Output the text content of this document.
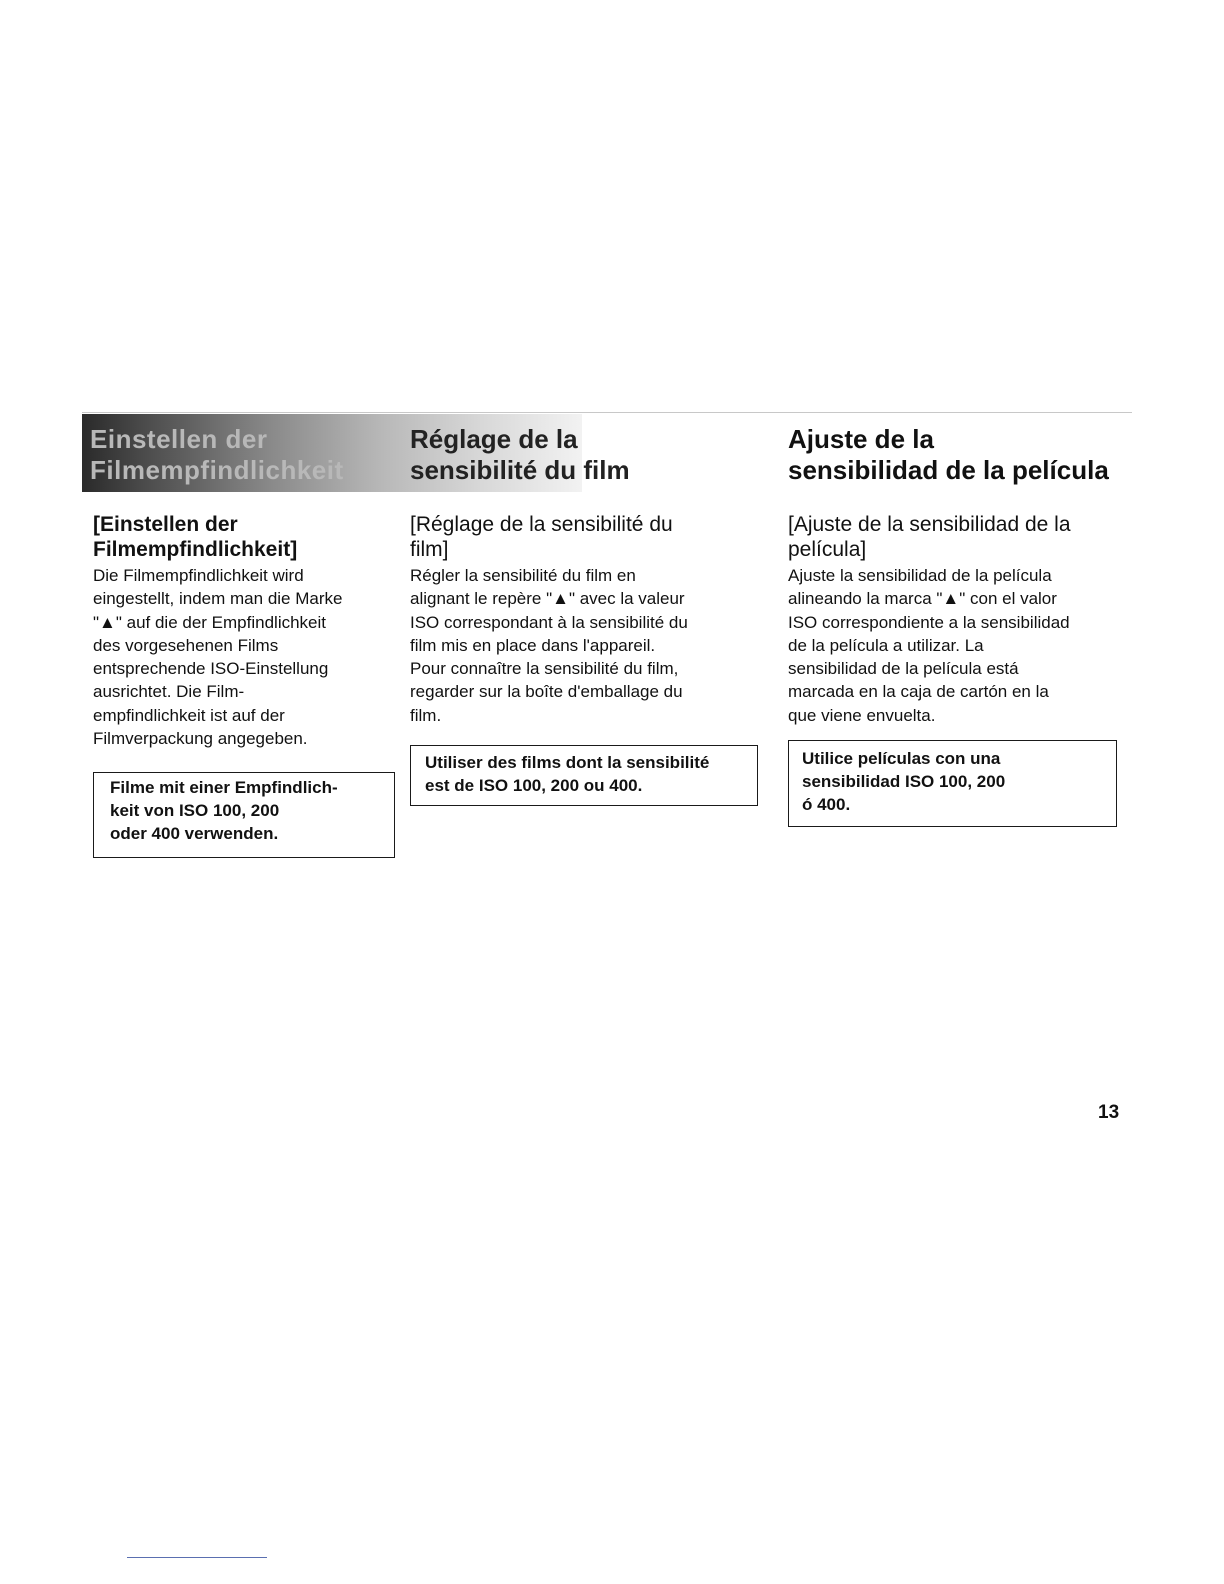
Einstellen der
Filmempfindlichkeit
Réglage de la
sensibilité du film
Ajuste de la
sensibilidad de la película
[Einstellen der
Filmempfindlichkeit]

Die Filmempfindlichkeit wird
eingestellt, indem man die Marke
"▲" auf die der Empfindlichkeit
des vorgesehenen Films
entsprechende ISO-Einstellung
ausrichtet. Die Film-
empfindlichkeit ist auf der
Filmverpackung angegeben.

Filme mit einer Empfindlich-
keit von ISO 100, 200
oder 400 verwenden.

[Réglage de la sensibilité du
film]

Régler la sensibilité du film en
alignant le repère "▲" avec la valeur
ISO correspondant à la sensibilité du
film mis en place dans l'appareil.
Pour connaître la sensibilité du film,
regarder sur la boîte d'emballage du
film.

Utiliser des films dont la sensibilité
est de ISO 100, 200 ou 400.

[Ajuste de la sensibilidad de la
película]

Ajuste la sensibilidad de la película
alineando la marca "▲" con el valor
ISO correspondiente a la sensibilidad
de la película a utilizar. La
sensibilidad de la película está
marcada en la caja de cartón en la
que viene envuelta.

Utilice películas con una
sensibilidad ISO 100, 200
ó 400.

13
